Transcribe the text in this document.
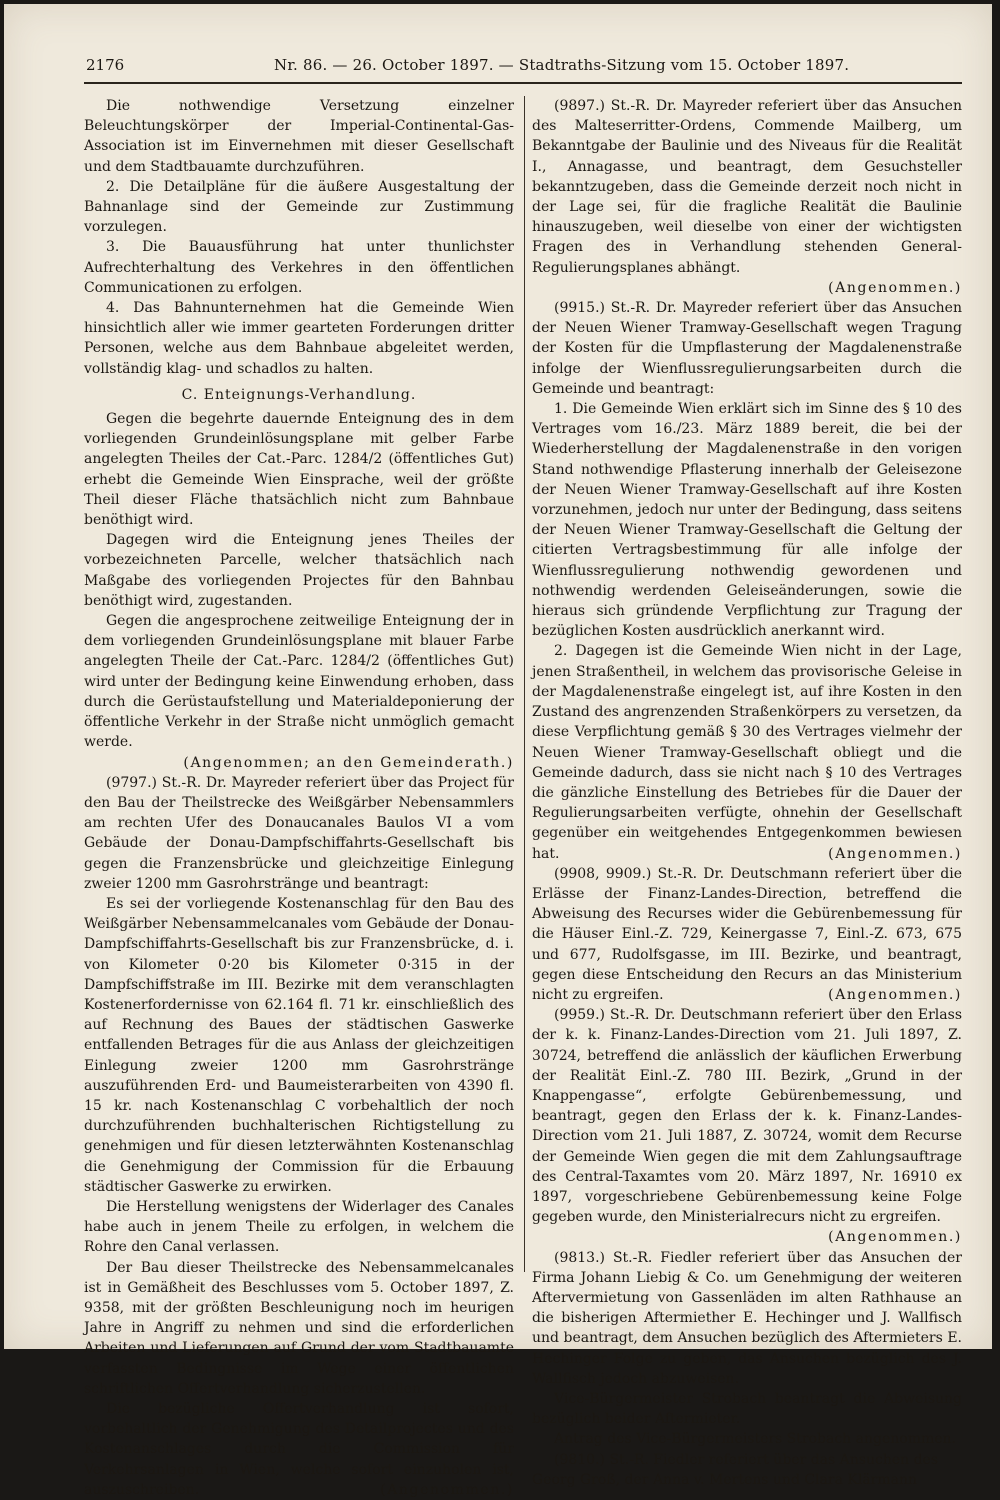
2176	Nr. 86. — 26. October 1897. — Stadtraths-Sitzung vom 15. October 1897.

Die nothwendige Versetzung einzelner Beleuchtungskörper der Imperial-Continental-Gas-Association ist im Einvernehmen mit dieser Gesellschaft und dem Stadtbauamte durchzuführen.

2. Die Detailpläne für die äußere Ausgestaltung der Bahnanlage sind der Gemeinde zur Zustimmung vorzulegen.

3. Die Bauausführung hat unter thunlichster Aufrechterhaltung des Verkehres in den öffentlichen Communicationen zu erfolgen.

4. Das Bahnunternehmen hat die Gemeinde Wien hinsichtlich aller wie immer gearteten Forderungen dritter Personen, welche aus dem Bahnbaue abgeleitet werden, vollständig klag- und schadlos zu halten.

C. Enteignungs-Verhandlung.

Gegen die begehrte dauernde Enteignung des in dem vorliegenden Grundeinlösungsplane mit gelber Farbe angelegten Theiles der Cat.-Parc. 1284/2 (öffentliches Gut) erhebt die Gemeinde Wien Einsprache, weil der größte Theil dieser Fläche thatsächlich nicht zum Bahnbaue benöthigt wird.

Dagegen wird die Enteignung jenes Theiles der vorbezeichneten Parcelle, welcher thatsächlich nach Maßgabe des vorliegenden Projectes für den Bahnbau benöthigt wird, zugestanden.

Gegen die angesprochene zeitweilige Enteignung der in dem vorliegenden Grundeinlösungsplane mit blauer Farbe angelegten Theile der Cat.-Parc. 1284/2 (öffentliches Gut) wird unter der Bedingung keine Einwendung erhoben, dass durch die Gerüstaufstellung und Materialdeponierung der öffentliche Verkehr in der Straße nicht unmöglich gemacht werde.

(Angenommen; an den Gemeinderath.)

(9797.) St.-R. Dr. Mayreder referiert über das Project für den Bau der Theilstrecke des Weißgärber Nebensammlers am rechten Ufer des Donaucanales Baulos VI a vom Gebäude der Donau-Dampfschiffahrts-Gesellschaft bis gegen die Franzensbrücke und gleichzeitige Einlegung zweier 1200 mm Gasrohrstränge und beantragt:

Es sei der vorliegende Kostenanschlag für den Bau des Weißgärber Nebensammelcanales vom Gebäude der Donau-Dampfschiffahrts-Gesellschaft bis zur Franzensbrücke, d. i. von Kilometer 0·20 bis Kilometer 0·315 in der Dampfschiffstraße im III. Bezirke mit dem veranschlagten Kostenerfordernisse von 62.164 fl. 71 kr. einschließlich des auf Rechnung des Baues der städtischen Gaswerke entfallenden Betrages für die aus Anlass der gleichzeitigen Einlegung zweier 1200 mm Gasrohrstränge auszuführenden Erd- und Baumeisterarbeiten von 4390 fl. 15 kr. nach Kostenanschlag C vorbehaltlich der noch durchzuführenden buchhalterischen Richtigstellung zu genehmigen und für diesen letzterwähnten Kostenanschlag die Genehmigung der Commission für die Erbauung städtischer Gaswerke zu erwirken.

Die Herstellung wenigstens der Widerlager des Canales habe auch in jenem Theile zu erfolgen, in welchem die Rohre den Canal verlassen.

Der Bau dieser Theilstrecke des Nebensammelcanales ist in Gemäßheit des Beschlusses vom 5. October 1897, Z. 9358, mit der größten Beschleunigung noch im heurigen Jahre in Angriff zu nehmen und sind die erforderlichen Arbeiten und Lieferungen auf Grund der vom Stadtbauamte verfassten Bedingnisse im Wege einer öffentlichen schriftlichen Offertverhandlung sicherzustellen.

Die bezügliche Offertverhandlung ist sofort, vorbehaltlich der Genehmigung des Detailprojectes und des Kostenanschlages durch die Commission für Verkehrsanlagen in Wien, welche sofort einzuholen ist, auszuschreiben.	(Angenommen.)

(9897.) St.-R. Dr. Mayreder referiert über das Ansuchen des Malteserritter-Ordens, Commende Mailberg, um Bekanntgabe der Baulinie und des Niveaus für die Realität I., Annagasse, und beantragt, dem Gesuchsteller bekanntzugeben, dass die Gemeinde derzeit noch nicht in der Lage sei, für die fragliche Realität die Baulinie hinauszugeben, weil dieselbe von einer der wichtigsten Fragen des in Verhandlung stehenden General-Regulierungsplanes abhängt.

(Angenommen.)

(9915.) St.-R. Dr. Mayreder referiert über das Ansuchen der Neuen Wiener Tramway-Gesellschaft wegen Tragung der Kosten für die Umpflasterung der Magdalenenstraße infolge der Wienflussregulierungsarbeiten durch die Gemeinde und beantragt:

1. Die Gemeinde Wien erklärt sich im Sinne des § 10 des Vertrages vom 16./23. März 1889 bereit, die bei der Wiederherstellung der Magdalenenstraße in den vorigen Stand nothwendige Pflasterung innerhalb der Geleisezone der Neuen Wiener Tramway-Gesellschaft auf ihre Kosten vorzunehmen, jedoch nur unter der Bedingung, dass seitens der Neuen Wiener Tramway-Gesellschaft die Geltung der citierten Vertragsbestimmung für alle infolge der Wienflussregulierung nothwendig gewordenen und nothwendig werdenden Geleiseänderungen, sowie die hieraus sich gründende Verpflichtung zur Tragung der bezüglichen Kosten ausdrücklich anerkannt wird.

2. Dagegen ist die Gemeinde Wien nicht in der Lage, jenen Straßentheil, in welchem das provisorische Geleise in der Magdalenenstraße eingelegt ist, auf ihre Kosten in den Zustand des angrenzenden Straßenkörpers zu versetzen, da diese Verpflichtung gemäß § 30 des Vertrages vielmehr der Neuen Wiener Tramway-Gesellschaft obliegt und die Gemeinde dadurch, dass sie nicht nach § 10 des Vertrages die gänzliche Einstellung des Betriebes für die Dauer der Regulierungsarbeiten verfügte, ohnehin der Gesellschaft gegenüber ein weitgehendes Entgegenkommen bewiesen hat.	(Angenommen.)

(9908, 9909.) St.-R. Dr. Deutschmann referiert über die Erlässe der Finanz-Landes-Direction, betreffend die Abweisung des Recurses wider die Gebürenbemessung für die Häuser Einl.-Z. 729, Keinergasse 7, Einl.-Z. 673, 675 und 677, Rudolfsgasse, im III. Bezirke, und beantragt, gegen diese Entscheidung den Recurs an das Ministerium nicht zu ergreifen.	(Angenommen.)

(9959.) St.-R. Dr. Deutschmann referiert über den Erlass der k. k. Finanz-Landes-Direction vom 21. Juli 1897, Z. 30724, betreffend die anlässlich der käuflichen Erwerbung der Realität Einl.-Z. 780 III. Bezirk, „Grund in der Knappengasse“, erfolgte Gebürenbemessung, und beantragt, gegen den Erlass der k. k. Finanz-Landes-Direction vom 21. Juli 1887, Z. 30724, womit dem Recurse der Gemeinde Wien gegen die mit dem Zahlungsauftrage des Central-Taxamtes vom 20. März 1897, Nr. 16910 ex 1897, vorgeschriebene Gebürenbemessung keine Folge gegeben wurde, den Ministerialrecurs nicht zu ergreifen.
(Angenommen.)

(9813.) St.-R. Fiedler referiert über das Ansuchen der Firma Johann Liebig & Co. um Genehmigung der weiteren Aftervermietung von Gassenläden im alten Rathhause an die bisherigen Aftermiether E. Hechinger und J. Wallfisch und beantragt, dem Ansuchen bezüglich des Aftermieters E. Hechinger Folge zu geben, das Ansuchen bezüglich des J. Wallfisch jedoch abzuweisen.

Vice-Bürgermeister Strobach beantragt die Abweisung bezüglich beider Aftermieter.

Antrag des Vice-Bürgermeisters Strobach angenommen.

(9810.) St.-R. Fiedler referiert über das Ansuchen des Georg Groß, der Anna v. Mertens und Clara Klärmann
